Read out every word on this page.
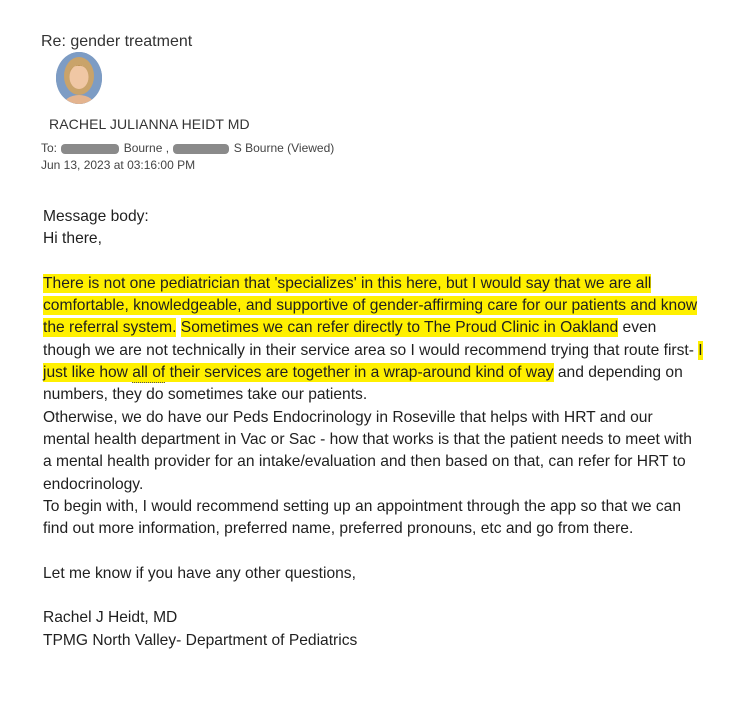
Re: gender treatment
RACHEL JULIANNA HEIDT MD
To:	Bourne ,	S Bourne (Viewed)
Jun 13, 2023 at 03:16:00 PM

Message body:

Hi there,

There is not one pediatrician that 'specializes' in this here, but I would say that we are all comfortable, knowledgeable, and supportive of gender-affirming care for our patients and know the referral system. Sometimes we can refer directly to The Proud Clinic in Oakland even though we are not technically in their service area so I would recommend trying that route first- I just like how all of their services are together in a wrap-around kind of way and depending on numbers, they do sometimes take our patients.

Otherwise, we do have our Peds Endocrinology in Roseville that helps with HRT and our mental health department in Vac or Sac - how that works is that the patient needs to meet with a mental health provider for an intake/evaluation and then based on that, can refer for HRT to endocrinology.

To begin with, I would recommend setting up an appointment through the app so that we can find out more information, preferred name, preferred pronouns, etc and go from there.

Let me know if you have any other questions,

Rachel J Heidt, MD

TPMG North Valley- Department of Pediatrics
